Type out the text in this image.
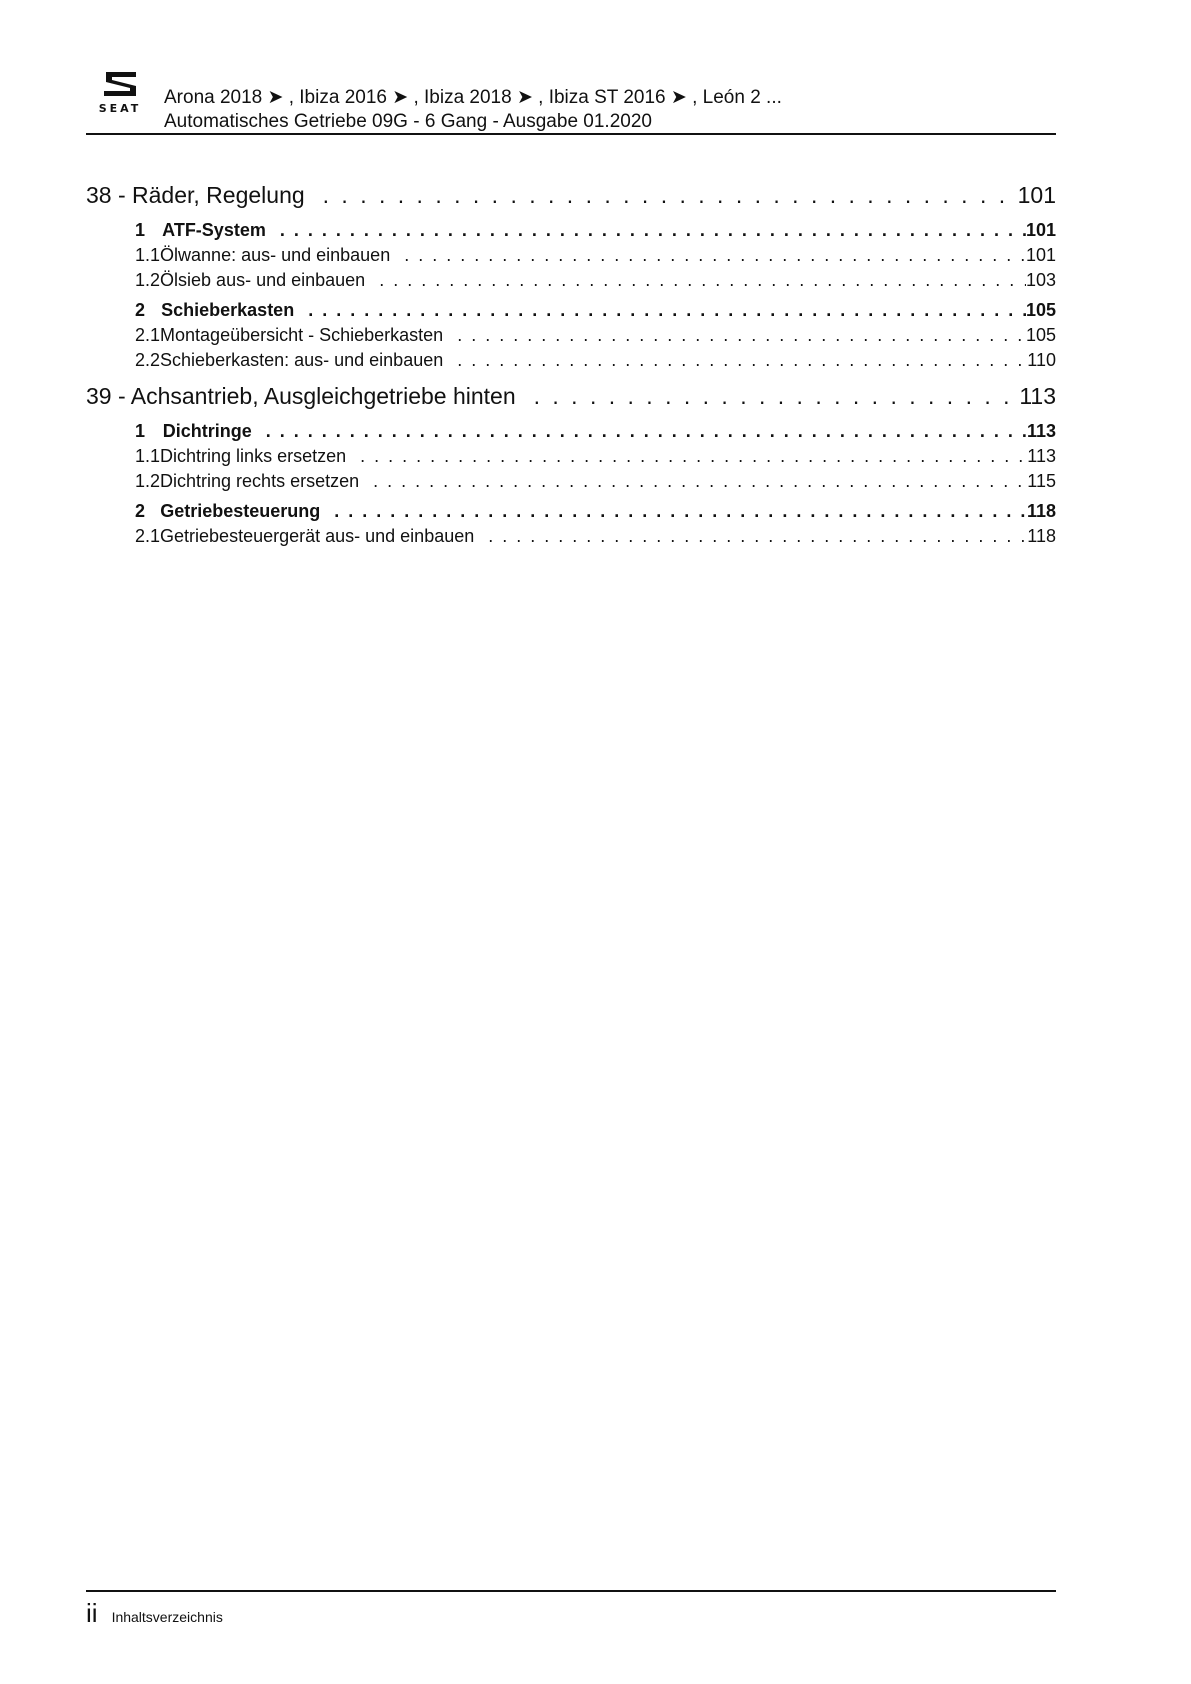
SEAT
Arona 2018 ➤ , Ibiza 2016 ➤ , Ibiza 2018 ➤ , Ibiza ST 2016 ➤ , León 2 ...
Automatisches Getriebe 09G - 6 Gang - Ausgabe 01.2020
38 - Räder, Regelung . . .	101
1 ATF-System . . .	101
1.1 Ölwanne: aus- und einbauen . . .	101
1.2 Ölsieb aus- und einbauen . . .	103
2 Schieberkasten . . .	105
2.1 Montageübersicht - Schieberkasten . . .	105
2.2 Schieberkasten: aus- und einbauen . . .	110
39 - Achsantrieb, Ausgleichgetriebe hinten . . .	113
1 Dichtringe . . .	113
1.1 Dichtring links ersetzen . . .	113
1.2 Dichtring rechts ersetzen . . .	115
2 Getriebesteuerung . . .	118
2.1 Getriebesteuergerät aus- und einbauen . . .	118
ii Inhaltsverzeichnis
